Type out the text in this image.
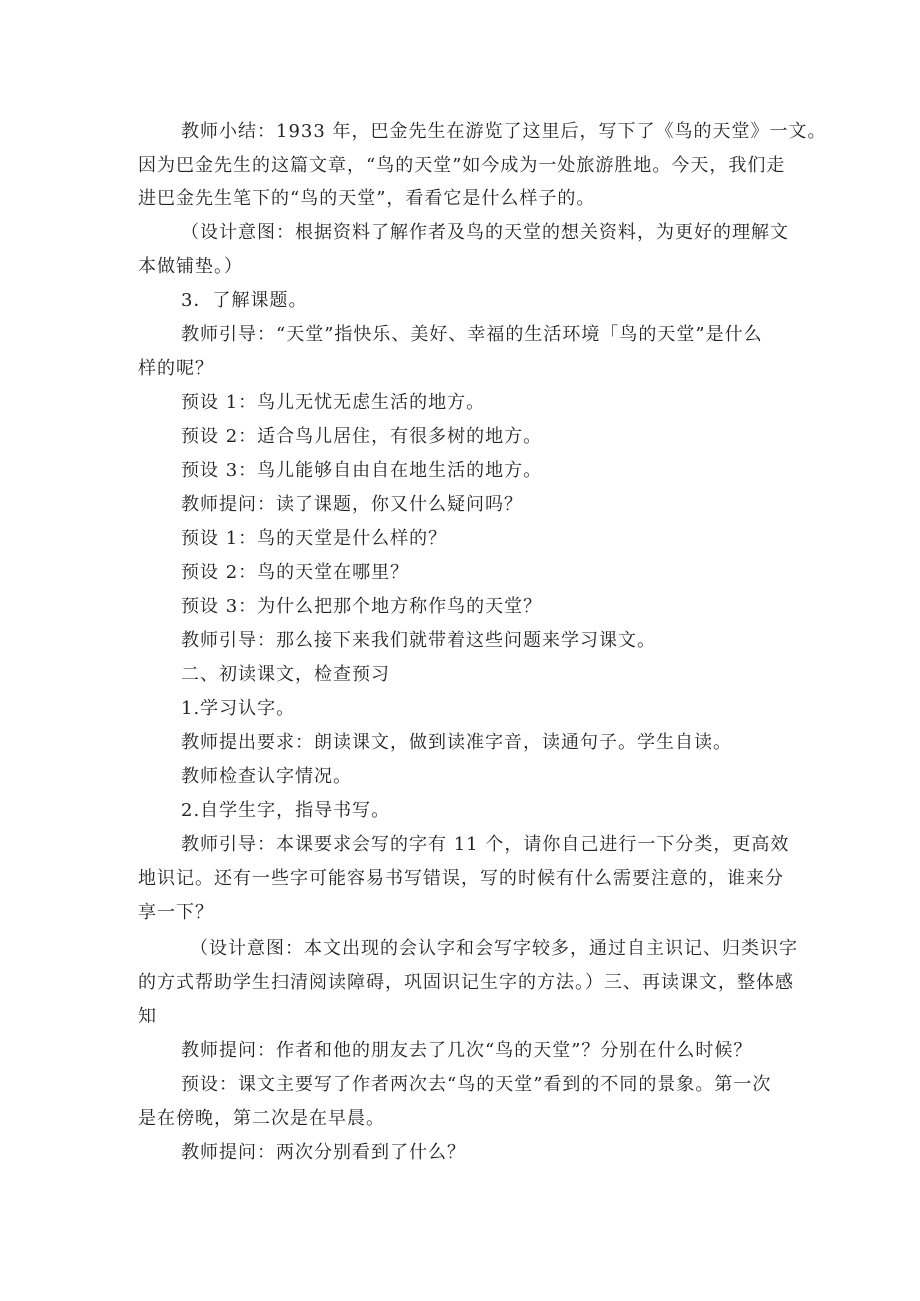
教师小结：1933 年，巴金先生在游览了这里后，写下了《鸟的天堂》一文。
因为巴金先生的这篇文章，“鸟的天堂”如今成为一处旅游胜地。今天，我们走
进巴金先生笔下的“鸟的天堂”，看看它是什么样子的。
（设计意图：根据资料了解作者及鸟的天堂的想关资料，为更好的理解文
本做铺垫。）
3．了解课题。
教师引导：“天堂”指快乐、美好、幸福的生活环境「鸟的天堂”是什么
样的呢？
预设 1：鸟儿无忧无虑生活的地方。
预设 2：适合鸟儿居住，有很多树的地方。
预设 3：鸟儿能够自由自在地生活的地方。
教师提问：读了课题，你又什么疑问吗？
预设 1：鸟的天堂是什么样的？
预设 2：鸟的天堂在哪里？
预设 3：为什么把那个地方称作鸟的天堂？
教师引导：那么接下来我们就带着这些问题来学习课文。
二、初读课文，检查预习
1.学习认字。
教师提出要求：朗读课文，做到读准字音，读通句子。学生自读。
教师检查认字情况。
2.自学生字，指导书写。
教师引导：本课要求会写的字有 11 个，请你自己进行一下分类，更高效
地识记。还有一些字可能容易书写错误，写的时候有什么需要注意的，谁来分
享一下？
（设计意图：本文出现的会认字和会写字较多，通过自主识记、归类识字
的方式帮助学生扫清阅读障碍，巩固识记生字的方法。）三、再读课文，整体感
知
教师提问：作者和他的朋友去了几次“鸟的天堂”？分别在什么时候？
预设：课文主要写了作者两次去“鸟的天堂”看到的不同的景象。第一次
是在傍晚，第二次是在早晨。
教师提问：两次分别看到了什么？
